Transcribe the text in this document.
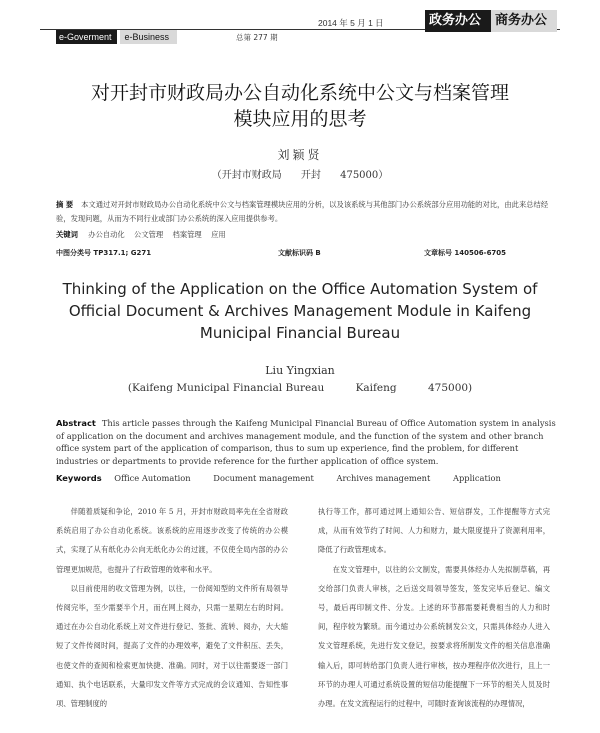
2014 年 5 月 1 日	政务办公	商务办公
e-Goverment	e-Business	总第 277 期
对开封市财政局办公自动化系统中公文与档案管理
模块应用的思考
刘颖贤
（开封市财政局 开封 475000）
摘 要 本文通过对开封市财政局办公自动化系统中公文与档案管理模块应用的分析，以及该系统与其他部门办公系统部分应用功能的对比，由此来总结经验，发现问题，从而为不同行业或部门办公系统的深入应用提供参考。
关键词 办公自动化 公文管理 档案管理 应用
中图分类号 TP317.1; G271	文献标识码 B	文章标号 140506-6705
Thinking of the Application on the Office Automation System of
Official Document & Archives Management Module in Kaifeng
Municipal Financial Bureau
Liu Yingxian
(Kaifeng Municipal Financial Bureau	Kaifeng	475000)
Abstract This article passes through the Kaifeng Municipal Financial Bureau of Office Automation system in analysis of application on the document and archives management module, and the function of the system and other branch office system part of the application of comparison, thus to sum up experience, find the problem, for different industries or departments to provide reference for the further application of office system.
Keywords Office Automation	Document management	Archives management	Application

伴随着质疑和争论，2010 年 5 月，开封市财政局率先在全省财政系统启用了办公自动化系统。该系统的应用逐步改变了传统的办公模式，实现了从有纸化办公向无纸化办公的过渡，不仅使全局内部的办公管理更加规范，也提升了行政管理的效率和水平。

以目前使用的收文管理为例，以往，一份阅知型的文件所有局领导传阅完毕，至少需要半个月，而在网上阅办，只需一星期左右的时间。通过在办公自动化系统上对文件进行登记、签批、流转、阅办，大大缩短了文件传阅时间，提高了文件的办理效率，避免了文件积压、丢失，也使文件的查阅和检索更加快捷、准确。同时，对于以往需要逐一部门通知、执个电话联系，大量印发文件等方式完成的会议通知、告知性事项、管理制度的

执行等工作，都可通过网上通知公告、短信群发，工作提醒等方式完成，从而有效节约了时间、人力和财力，最大限度提升了资源利用率，降低了行政管理成本。

在发文管理中，以往的公文制发，需要具体经办人先拟制草稿，再交给部门负责人审核，之后送交局领导签发，签发完毕后登记、编文号，最后再印制文件、分发。上述的环节都需要耗费相当的人力和时间，程序较为繁琐。而今通过办公系统制发公文，只需具体经办人进入发文管理系统，先进行发文登记，按要求将所制发文件的相关信息准确输入后，即可转给部门负责人进行审核，按办理程序依次进行，且上一环节的办理人可通过系统设置的短信功能提醒下一环节的相关人员及时办理。在发文流程运行的过程中，可随时查询该流程的办理情况，
